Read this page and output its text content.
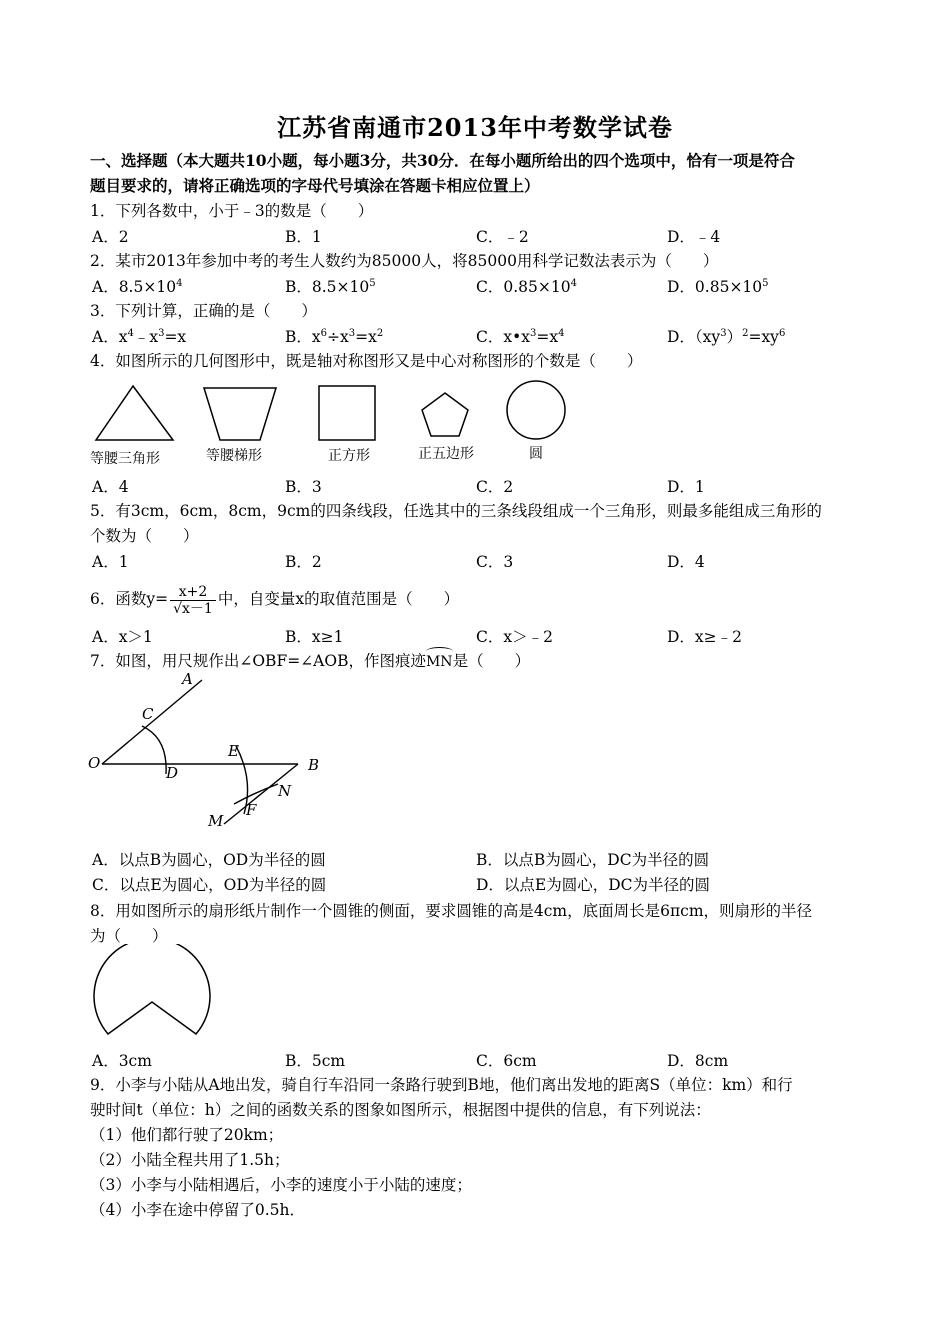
江苏省南通市2013年中考数学试卷
一、选择题（本大题共10小题，每小题3分，共30分．在每小题所给出的四个选项中，恰有一项是符合
题目要求的，请将正确选项的字母代号填涂在答题卡相应位置上）
1．下列各数中，小于﹣3的数是（　　）
A．2	B．1	C．﹣2	D．﹣4
2．某市2013年参加中考的考生人数约为85000人，将85000用科学记数法表示为（　　）
A．$8.5\times 10^4$	B．$8.5\times 10^5$	C．$0.85\times 10^4$	D．$0.85\times 10^5$
3．下列计算，正确的是（　　）
A．$x^4﹣x^3=x$	B．$x^6\div x^3=x^2$	C．$x•x^3=x^4$	D．$(xy^3)^2=xy^6$
4．如图所示的几何图形中，既是轴对称图形又是中心对称图形的个数是（　　）
等腰三角形	等腰梯形	正方形	正五边形	圆
A．4	B．3	C．2	D．1
5．有3cm，6cm，8cm，9cm的四条线段，任选其中的三条线段组成一个三角形，则最多能组成三角形的
个数为（　　）
A．1	B．2	C．3	D．4
6．函数$y= \frac{x+2}{√x-1}$ 中，自变量x的取值范围是（　　）
A．x＞1	B．x≥1	C．x＞﹣2	D．x≥﹣2
7．如图，用尺规作出∠OBF=∠AOB，作图痕迹MN是（　　）
A
C
O
D
E
B
N
F
M
A．以点B为圆心，OD为半径的圆	B．以点B为圆心，DC为半径的圆
C．以点E为圆心，OD为半径的圆	D．以点E为圆心，DC为半径的圆
8．用如图所示的扇形纸片制作一个圆锥的侧面，要求圆锥的高是4cm，底面周长是6πcm，则扇形的半径
为（　　）
A．3cm	B．5cm	C．6cm	D．8cm
9．小李与小陆从A地出发，骑自行车沿同一条路行驶到B地，他们离出发地的距离S（单位：km）和行
驶时间t（单位：h）之间的函数关系的图象如图所示，根据图中提供的信息，有下列说法：
（1）他们都行驶了20km；
（2）小陆全程共用了1.5h；
（3）小李与小陆相遇后，小李的速度小于小陆的速度；
（4）小李在途中停留了0.5h．
